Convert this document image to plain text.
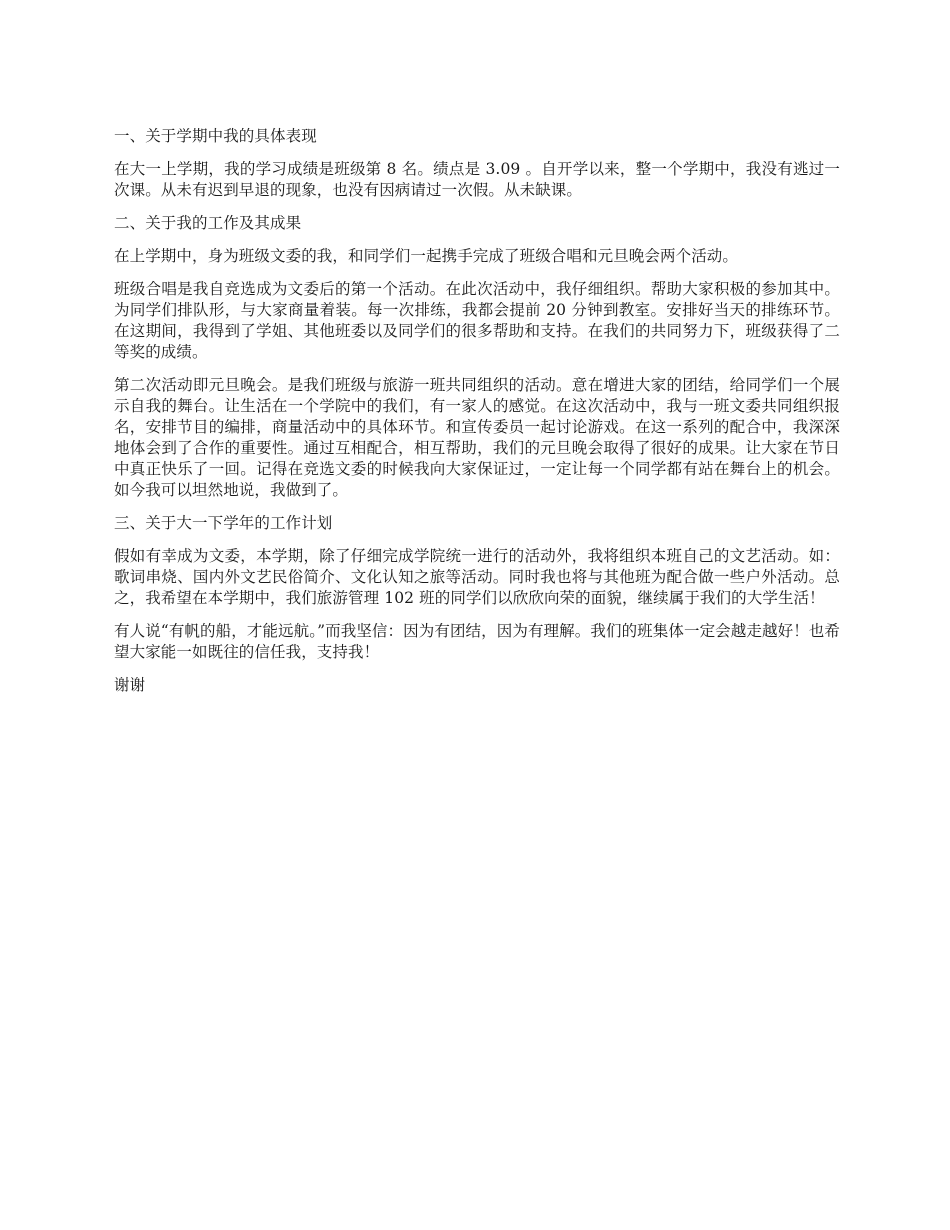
一、关于学期中我的具体表现

在大一上学期，我的学习成绩是班级第 8 名。绩点是 3.09 。自开学以来，整一个学期中，我没有逃过一次课。从未有迟到早退的现象，也没有因病请过一次假。从未缺课。

二、关于我的工作及其成果

在上学期中，身为班级文委的我，和同学们一起携手完成了班级合唱和元旦晚会两个活动。

班级合唱是我自竞选成为文委后的第一个活动。在此次活动中，我仔细组织。帮助大家积极的参加其中。为同学们排队形，与大家商量着装。每一次排练，我都会提前 20 分钟到教室。安排好当天的排练环节。在这期间，我得到了学姐、其他班委以及同学们的很多帮助和支持。在我们的共同努力下，班级获得了二等奖的成绩。

第二次活动即元旦晚会。是我们班级与旅游一班共同组织的活动。意在增进大家的团结，给同学们一个展示自我的舞台。让生活在一个学院中的我们，有一家人的感觉。在这次活动中，我与一班文委共同组织报名，安排节目的编排，商量活动中的具体环节。和宣传委员一起讨论游戏。在这一系列的配合中，我深深地体会到了合作的重要性。通过互相配合，相互帮助，我们的元旦晚会取得了很好的成果。让大家在节日中真正快乐了一回。记得在竞选文委的时候我向大家保证过，一定让每一个同学都有站在舞台上的机会。如今我可以坦然地说，我做到了。

三、关于大一下学年的工作计划

假如有幸成为文委，本学期，除了仔细完成学院统一进行的活动外，我将组织本班自己的文艺活动。如：歌词串烧、国内外文艺民俗简介、文化认知之旅等活动。同时我也将与其他班为配合做一些户外活动。总之，我希望在本学期中，我们旅游管理 102 班的同学们以欣欣向荣的面貌，继续属于我们的大学生活！

有人说“有帆的船，才能远航。”而我坚信：因为有团结，因为有理解。我们的班集体一定会越走越好！也希望大家能一如既往的信任我，支持我！

谢谢
